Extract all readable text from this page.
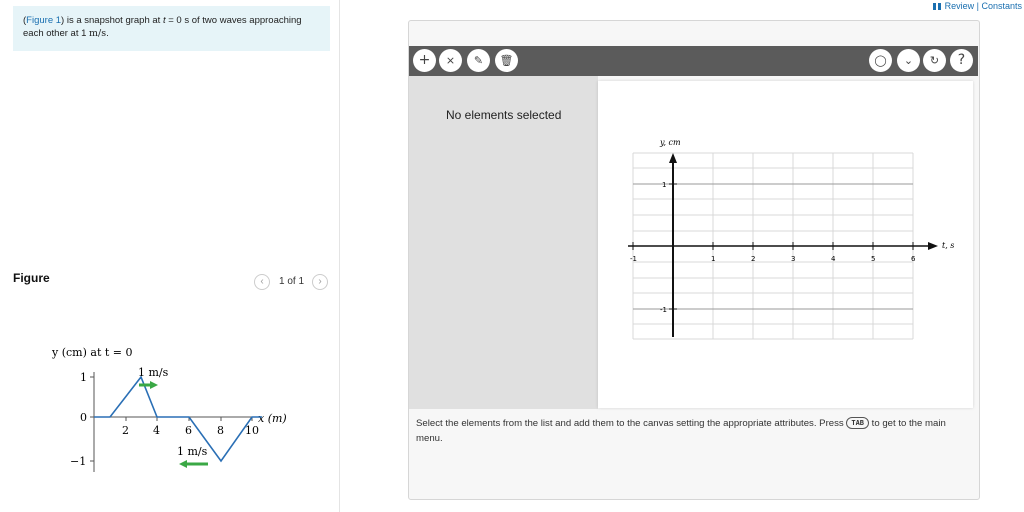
(Figure 1) is a snapshot graph at t = 0 s of two waves approaching each other at 1 m/s.
Figure	‹	1 of 1	›
y (cm) at t = 0
1
0
−1
2 4 6 8 10
x (m)
1 m/s
1 m/s
Review | Constants
+	⨯	✎	🗑	◯	⌄	↻	?
No elements selected
y, cm
t, s
-1	1	2	3	4	5	6
1
-1
Select the elements from the list and add them to the canvas setting the appropriate attributes. Press TAB to get to the main menu.
